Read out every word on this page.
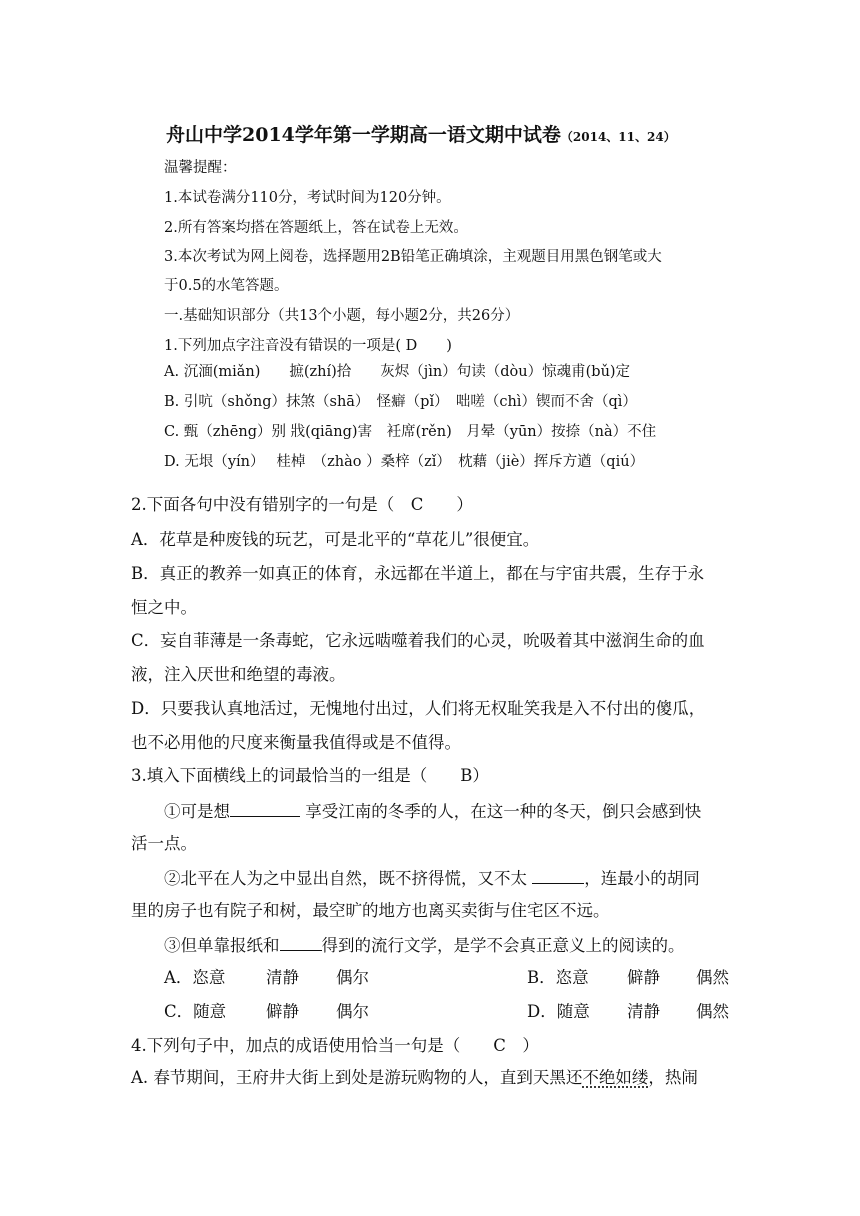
舟山中学2014学年第一学期高一语文期中试卷（2014、11、24）
温馨提醒：
1.本试卷满分110分，考试时间为120分钟。
2.所有答案均搭在答题纸上，答在试卷上无效。
3.本次考试为网上阅卷，选择题用2B铅笔正确填涂，主观题目用黑色钢笔或大
于0.5的水笔答题。
一.基础知识部分（共13个小题，每小题2分，共26分）
1.下列加点字注音没有错误的一项是( D　　)
A. 沉湎(miǎn)　　摭(zhí)拾　　灰烬（jìn）句读（dòu）惊魂甫(bǔ)定
B. 引吭（shǒng）抹煞（shā）　怪癖（pǐ）　咄嗟（chì）锲而不舍（qì）
C. 甄（zhēng）别 戕(qiāng)害　衽席(rěn)　月晕（yūn）按捺（nà）不住
D. 无垠（yín）　 桂棹　（zhào ）桑梓（zǐ）　枕藉（jiè）挥斥方遒（qiú）
2.下面各句中没有错别字的一句是（　C　　）
A．花草是种废钱的玩艺，可是北平的“草花儿”很便宜。
B．真正的教养一如真正的体育，永远都在半道上，都在与宇宙共震，生存于永
恒之中。
C．妄自菲薄是一条毒蛇，它永远啮噬着我们的心灵，吮吸着其中滋润生命的血
液，注入厌世和绝望的毒液。
D．只要我认真地活过，无愧地付出过，人们将无权耻笑我是入不付出的傻瓜，
也不必用他的尺度来衡量我值得或是不值得。
3.填入下面横线上的词最恰当的一组是（　　B）
①可是想	享受江南的冬季的人，在这一种的冬天，倒只会感到快
活一点。
②北平在人为之中显出自然，既不挤得慌，又不太	，连最小的胡同
里的房子也有院子和树，最空旷的地方也离买卖街与住宅区不远。
③但单靠报纸和	得到的流行文学，是学不会真正意义上的阅读的。
A．恣意 清静 偶尔	B．恣意 僻静 偶然
C．随意 僻静 偶尔	D．随意 清静 偶然
4.下列句子中，加点的成语使用恰当一句是（　　C　）
A. 春节期间，王府井大街上到处是游玩购物的人，直到天黑还不绝如缕，热闹
